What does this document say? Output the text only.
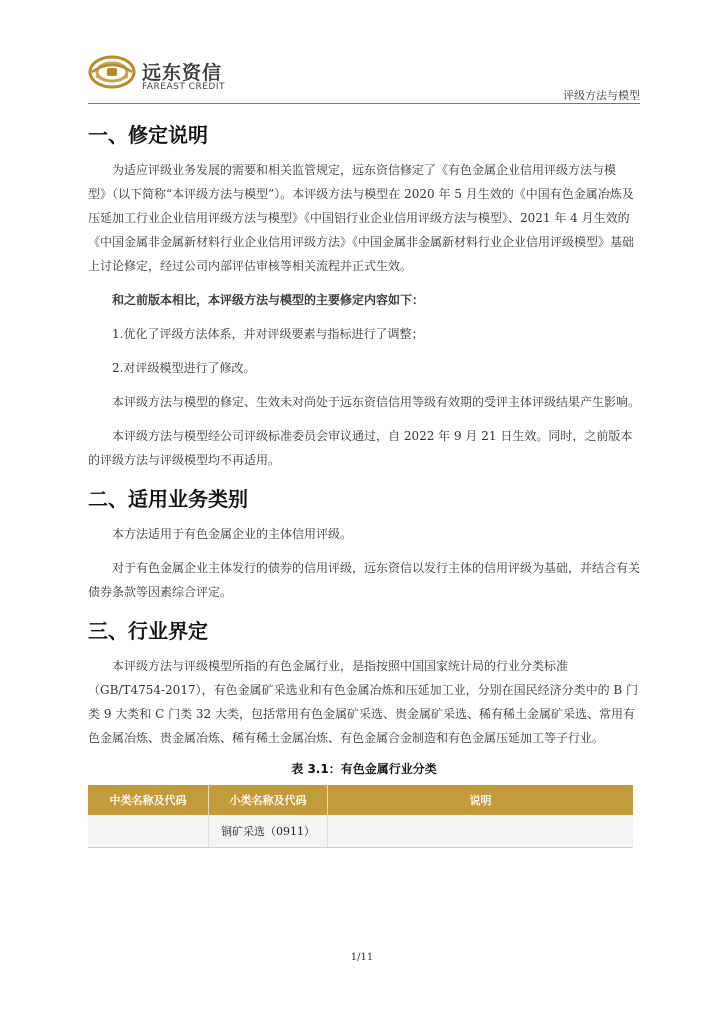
远东资信
FAREAST CREDIT
评级方法与模型
一、修定说明

为适应评级业务发展的需要和相关监管规定，远东资信修定了《有色金属企业信用评级方法与模型》（以下简称“本评级方法与模型”）。本评级方法与模型在 2020 年 5 月生效的《中国有色金属冶炼及压延加工行业企业信用评级方法与模型》《中国铝行业企业信用评级方法与模型》、2021 年 4 月生效的《中国金属非金属新材料行业企业信用评级方法》《中国金属非金属新材料行业企业信用评级模型》基础上讨论修定，经过公司内部评估审核等相关流程并正式生效。

和之前版本相比，本评级方法与模型的主要修定内容如下：

1.优化了评级方法体系，并对评级要素与指标进行了调整；

2.对评级模型进行了修改。

本评级方法与模型的修定、生效未对尚处于远东资信信用等级有效期的受评主体评级结果产生影响。

本评级方法与模型经公司评级标准委员会审议通过，自 2022 年 9 月 21 日生效。同时，之前版本的评级方法与评级模型均不再适用。

二、适用业务类别

本方法适用于有色金属企业的主体信用评级。

对于有色金属企业主体发行的债券的信用评级，远东资信以发行主体的信用评级为基础，并结合有关债券条款等因素综合评定。

三、行业界定

本评级方法与评级模型所指的有色金属行业，是指按照中国国家统计局的行业分类标准（GB/T4754-2017），有色金属矿采选业和有色金属冶炼和压延加工业，分别在国民经济分类中的 B 门类 9 大类和 C 门类 32 大类，包括常用有色金属矿采选、贵金属矿采选、稀有稀土金属矿采选、常用有色金属冶炼、贵金属冶炼、稀有稀土金属冶炼、有色金属合金制造和有色金属压延加工等子行业。

表 3.1：有色金属行业分类
中类名称及代码	小类名称及代码	说明
	铜矿采选（0911）	
1/11
